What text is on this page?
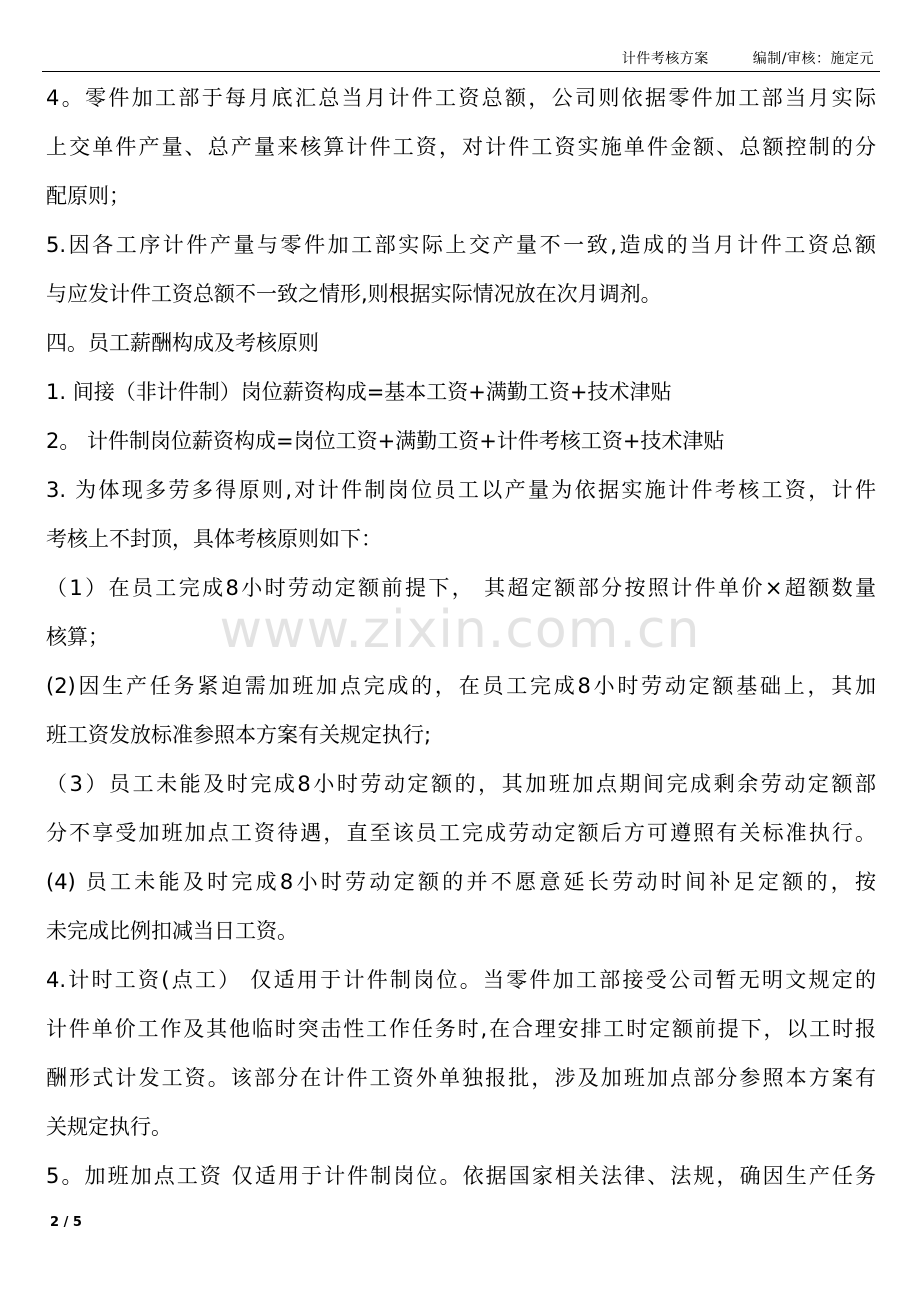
计件考核方案	编制/审核：施定元
www.zixin.com.cn
4。零件加工部于每月底汇总当月计件工资总额，公司则依据零件加工部当月实际
上交单件产量、总产量来核算计件工资，对计件工资实施单件金额、总额控制的分
配原则；
5.因各工序计件产量与零件加工部实际上交产量不一致,造成的当月计件工资总额
与应发计件工资总额不一致之情形,则根据实际情况放在次月调剂。
四。员工薪酬构成及考核原则
1. 间接（非计件制）岗位薪资构成=基本工资+满勤工资+技术津贴
2。 计件制岗位薪资构成=岗位工资+满勤工资+计件考核工资+技术津贴
3. 为体现多劳多得原则,对计件制岗位员工以产量为依据实施计件考核工资，计件
考核上不封顶，具体考核原则如下：
（1）在员工完成8小时劳动定额前提下， 其超定额部分按照计件单价×超额数量
核算；
(2)因生产任务紧迫需加班加点完成的，在员工完成8小时劳动定额基础上，其加
班工资发放标准参照本方案有关规定执行;
（3）员工未能及时完成8小时劳动定额的，其加班加点期间完成剩余劳动定额部
分不享受加班加点工资待遇，直至该员工完成劳动定额后方可遵照有关标准执行。
(4) 员工未能及时完成8小时劳动定额的并不愿意延长劳动时间补足定额的，按
未完成比例扣减当日工资。
4.计时工资(点工） 仅适用于计件制岗位。当零件加工部接受公司暂无明文规定的
计件单价工作及其他临时突击性工作任务时,在合理安排工时定额前提下，以工时报
酬形式计发工资。该部分在计件工资外单独报批，涉及加班加点部分参照本方案有
关规定执行。
5。加班加点工资 仅适用于计件制岗位。依据国家相关法律、法规，确因生产任务
2 / 5
